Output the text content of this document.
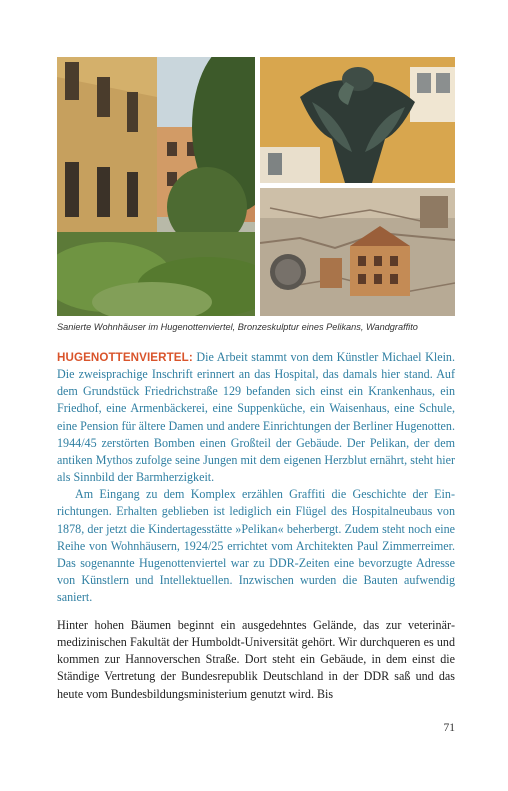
Sanierte Wohnhäuser im Hugenottenviertel, Bronzeskulptur eines Pelikans, Wandgraffito

HUGENOTTENVIERTEL: Die Arbeit stammt von dem Künstler Michael Klein. Die zweisprachige Inschrift erinnert an das Hospital, das damals hier stand. Auf dem Grundstück Friedrichstraße 129 befanden sich einst ein Krankenhaus, ein Friedhof, eine Armenbäckerei, eine Suppenküche, ein Waisenhaus, eine Schule, eine Pension für ältere Damen und andere Einrichtungen der Berliner Hugenotten. 1944/45 zerstörten Bomben einen Großteil der Gebäude. Der Pelikan, der dem antiken Mythos zufolge seine Jungen mit dem eigenen Herzblut ernährt, steht hier als Sinnbild der Barmherzigkeit.

Am Eingang zu dem Komplex erzählen Graffiti die Geschichte der Einrichtungen. Erhalten geblieben ist lediglich ein Flügel des Hospitalneubaus von 1878, der jetzt die Kindertagesstätte »Pelikan« beherbergt. Zudem steht noch eine Reihe von Wohnhäusern, 1924/25 errichtet vom Architekten Paul Zimmerreimer. Das sogenannte Hugenottenviertel war zu DDR-Zeiten eine bevorzugte Adresse von Künstlern und Intellektuellen. Inzwischen wurden die Bauten aufwendig saniert.

Hinter hohen Bäumen beginnt ein ausgedehntes Gelände, das zur veterinärmedizinischen Fakultät der Humboldt-Universität gehört. Wir durchqueren es und kommen zur Hannoverschen Straße. Dort steht ein Gebäude, in dem einst die Ständige Vertretung der Bundesrepublik Deutschland in der DDR saß und das heute vom Bundesbildungsministerium genutzt wird. Bis

71
